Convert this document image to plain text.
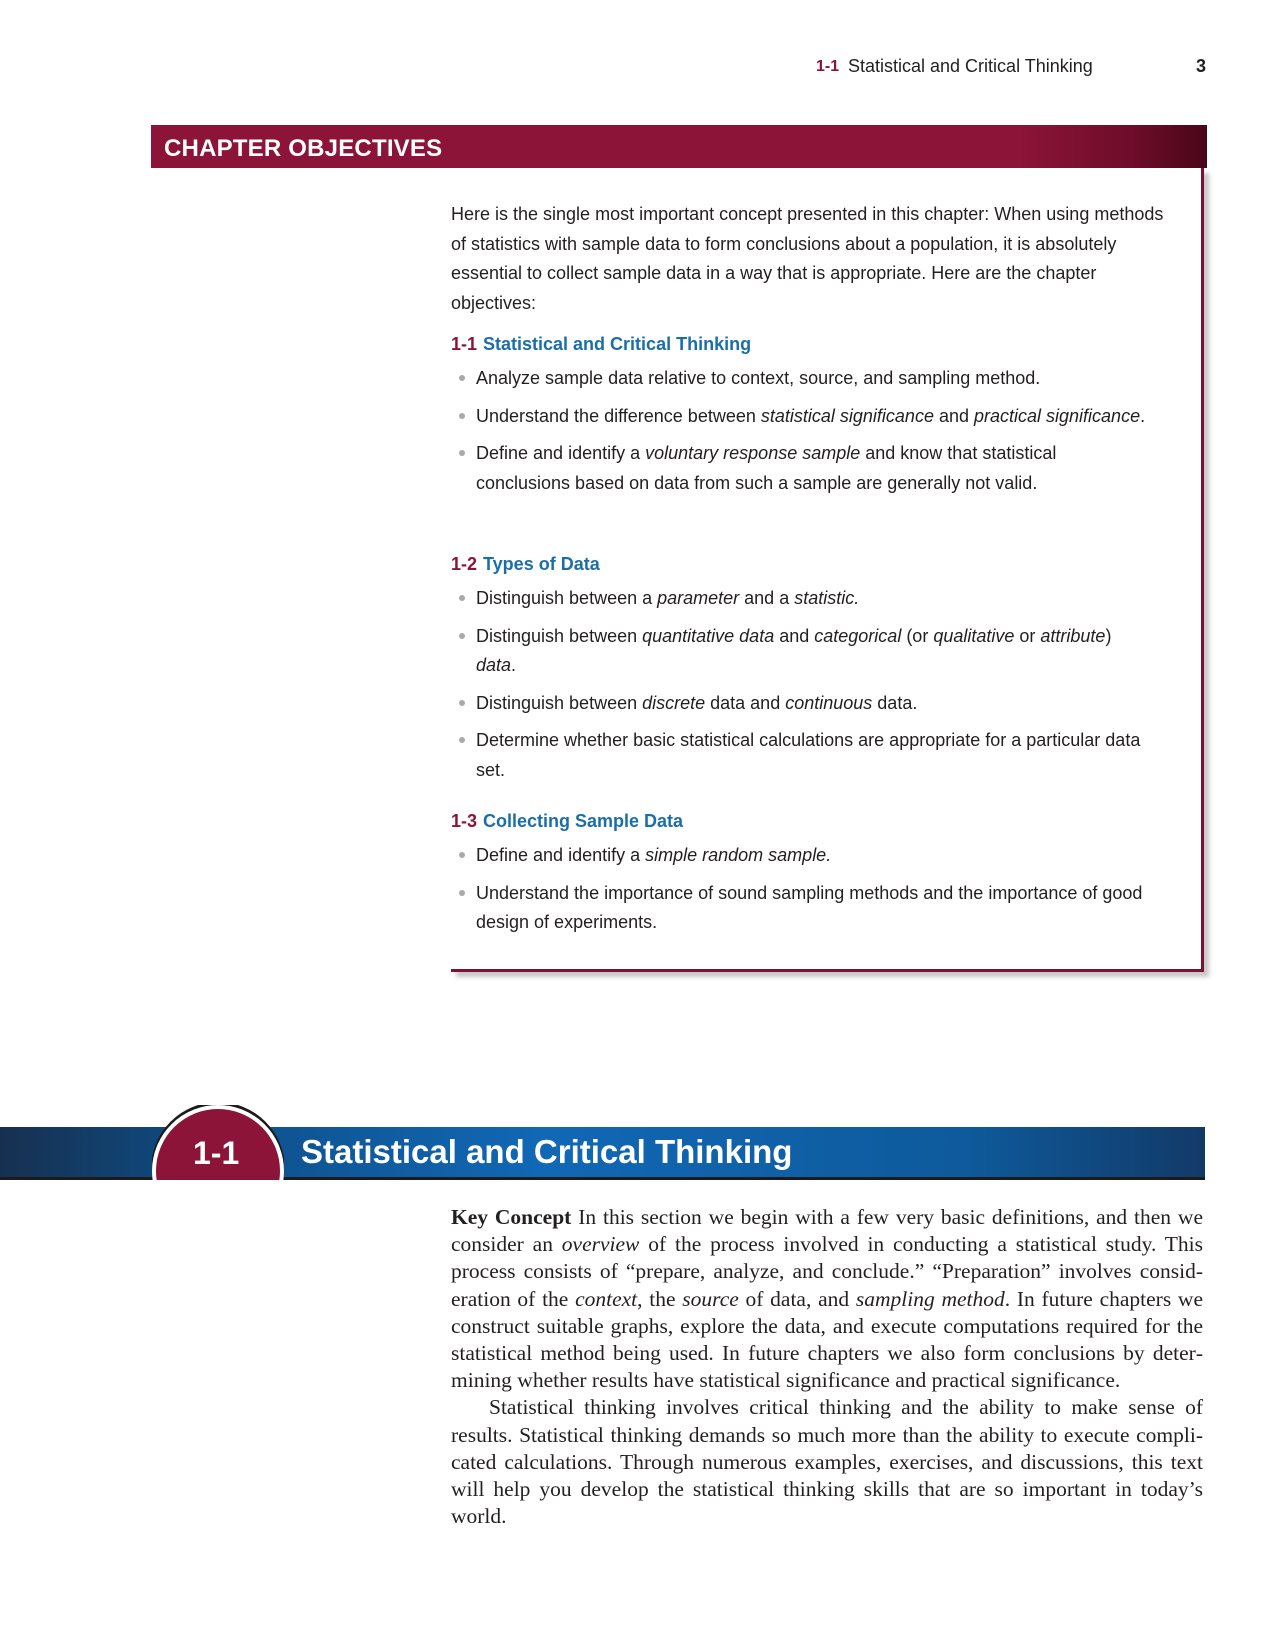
1-1 Statistical and Critical Thinking	3
CHAPTER OBJECTIVES
Here is the single most important concept presented in this chapter: When using methods of statistics with sample data to form conclusions about a population, it is absolutely essential to collect sample data in a way that is appropriate. Here are the chapter objectives:
1-1 Statistical and Critical Thinking
Analyze sample data relative to context, source, and sampling method.
Understand the difference between statistical significance and practical significance.
Define and identify a voluntary response sample and know that statistical conclusions based on data from such a sample are generally not valid.
1-2 Types of Data
Distinguish between a parameter and a statistic.
Distinguish between quantitative data and categorical (or qualitative or attribute) data.
Distinguish between discrete data and continuous data.
Determine whether basic statistical calculations are appropriate for a particular data set.
1-3 Collecting Sample Data
Define and identify a simple random sample.
Understand the importance of sound sampling methods and the importance of good design of experiments.
1-1 Statistical and Critical Thinking

Key Concept In this section we begin with a few very basic definitions, and then we consider an overview of the process involved in conducting a statistical study. This process consists of “prepare, analyze, and conclude.” “Preparation” involves consideration of the context, the source of data, and sampling method. In future chapters we construct suitable graphs, explore the data, and execute computations required for the statistical method being used. In future chapters we also form conclusions by determining whether results have statistical significance and practical significance.

Statistical thinking involves critical thinking and the ability to make sense of results. Statistical thinking demands so much more than the ability to execute complicated calculations. Through numerous examples, exercises, and discussions, this text will help you develop the statistical thinking skills that are so important in today’s world.
